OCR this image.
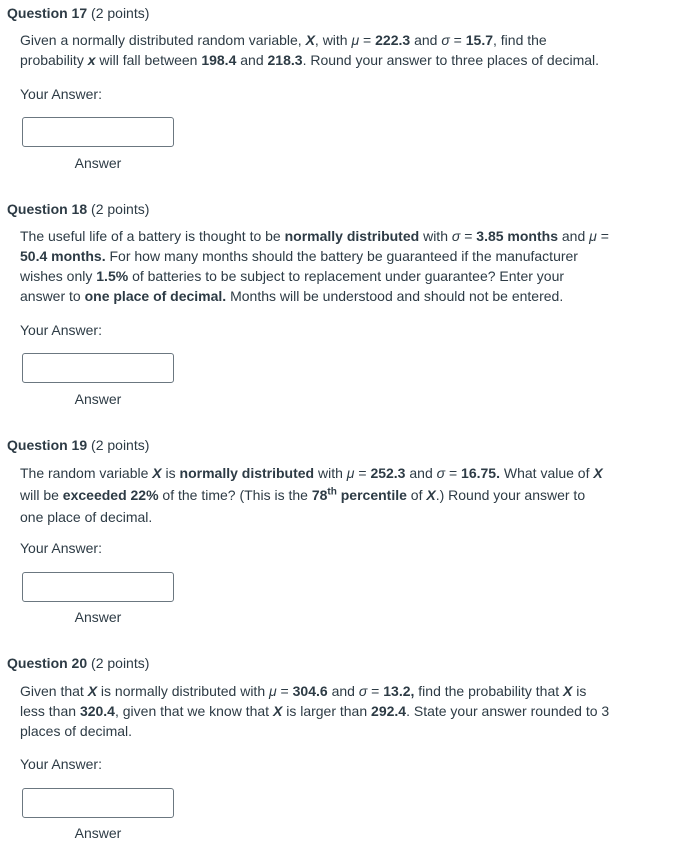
Question 17 (2 points)
Given a normally distributed random variable, X, with μ = 222.3 and σ = 15.7, find the probability x will fall between 198.4 and 218.3. Round your answer to three places of decimal.
Your Answer:
Answer
Question 18 (2 points)
The useful life of a battery is thought to be normally distributed with σ = 3.85 months and μ = 50.4 months. For how many months should the battery be guaranteed if the manufacturer wishes only 1.5% of batteries to be subject to replacement under guarantee? Enter your answer to one place of decimal. Months will be understood and should not be entered.
Your Answer:
Answer
Question 19 (2 points)
The random variable X is normally distributed with μ = 252.3 and σ = 16.75. What value of X will be exceeded 22% of the time? (This is the 78th percentile of X.) Round your answer to one place of decimal.
Your Answer:
Answer
Question 20 (2 points)
Given that X is normally distributed with μ = 304.6 and σ = 13.2, find the probability that X is less than 320.4, given that we know that X is larger than 292.4. State your answer rounded to 3 places of decimal.
Your Answer:
Answer
